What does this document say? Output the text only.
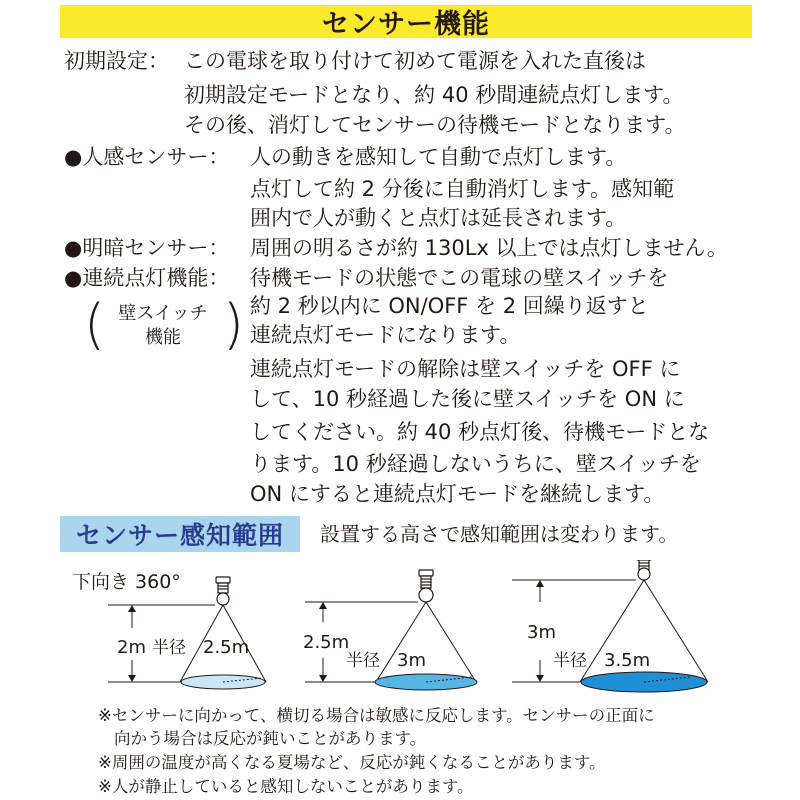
センサー機能
初期設定： この電球を取り付けて初めて電源を入れた直後は
初期設定モードとなり、約 40 秒間連続点灯します。
その後、消灯してセンサーの待機モードとなります。
●人感センサー： 人の動きを感知して自動で点灯します。
点灯して約 2 分後に自動消灯します。感知範
囲内で人が動くと点灯は延長されます。
●明暗センサー： 周囲の明るさが約 130Lx 以上では点灯しません。
●連続点灯機能：
( 壁スイッチ
機能 )
待機モードの状態でこの電球の壁スイッチを
約 2 秒以内に ON/OFF を 2 回繰り返すと
連続点灯モードになります。
連続点灯モードの解除は壁スイッチを OFF に
して、10 秒経過した後に壁スイッチを ON に
してください。約 40 秒点灯後、待機モードとな
ります。10 秒経過しないうちに、壁スイッチを
ON にすると連続点灯モードを継続します。
センサー感知範囲 設置する高さで感知範囲は変わります。
下向き 360°
2m 半径 2.5m	2.5m
半径 3m
3m
半径 3.5m
※センサーに向かって、横切る場合は敏感に反応します。センサーの正面に
向かう場合は反応が鈍いことがあります。
※周囲の温度が高くなる夏場など、反応が鈍くなることがあります。
※人が静止していると感知しないことがあります。
